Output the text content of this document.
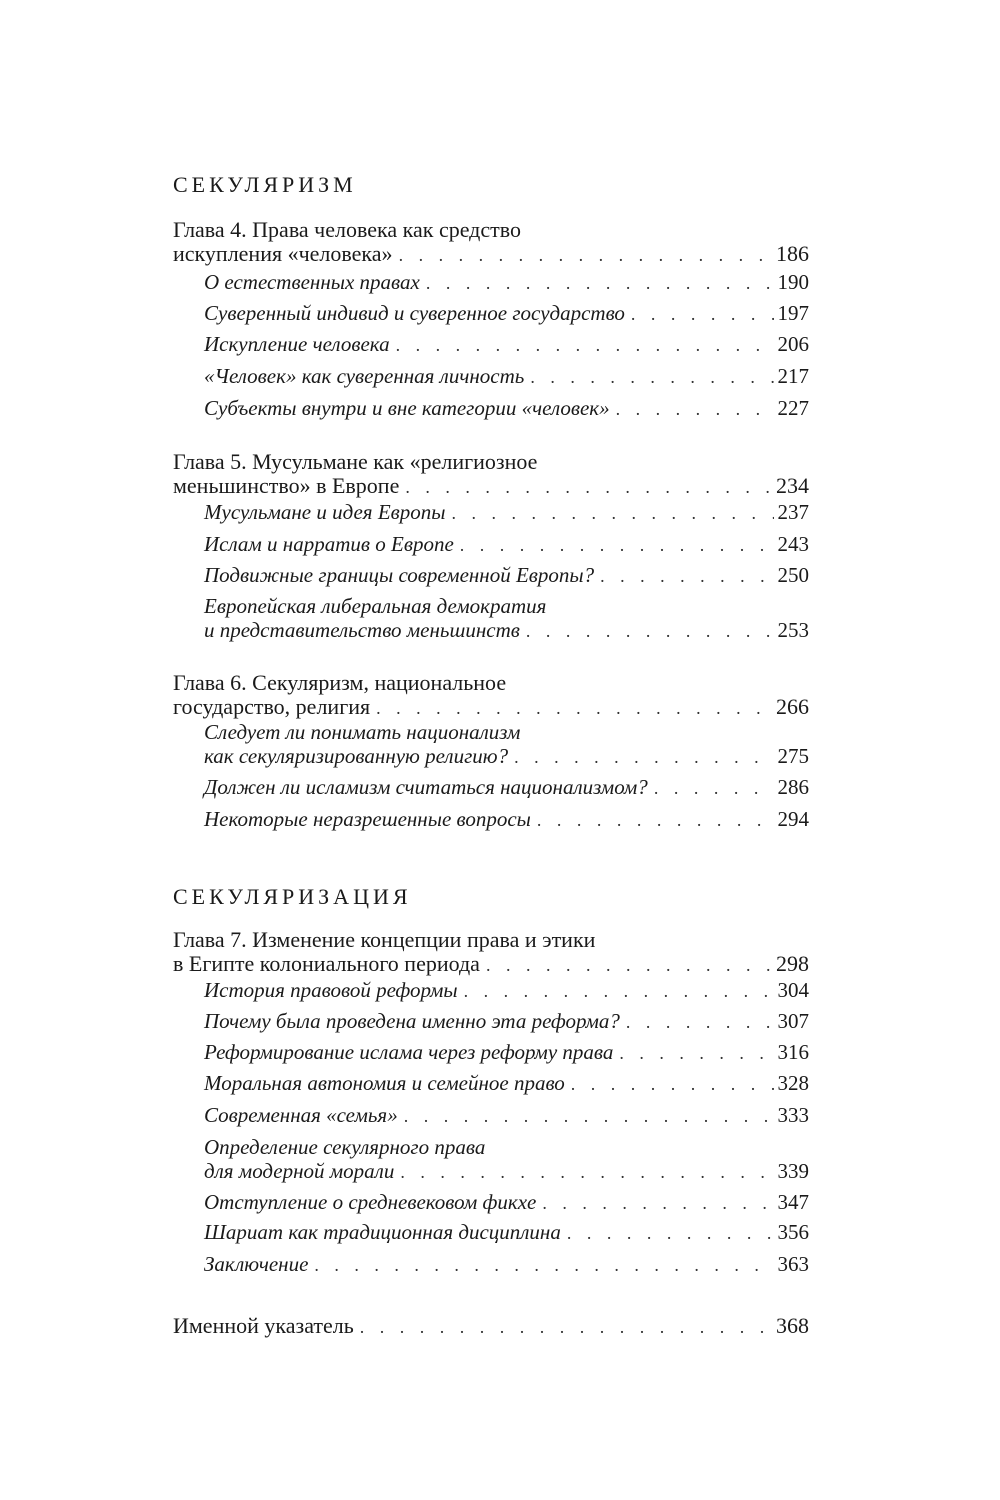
СЕКУЛЯРИЗМ
Глава 4. Права человека как средство
искупления «человека» . . .	186
О естественных правах . . .	190
Суверенный индивид и суверенное государство . . .	197
Искупление человека . . .	206
«Человек» как суверенная личность . . .	217
Субъекты внутри и вне категории «человек» . . .	227
Глава 5. Мусульмане как «религиозное
меньшинство» в Европе . . .	234
Мусульмане и идея Европы . . .	237
Ислам и нарратив о Европе . . .	243
Подвижные границы современной Европы? . . .	250
Европейская либеральная демократия
и представительство меньшинств . . .	253
Глава 6. Секуляризм, национальное
государство, религия . . .	266
Следует ли понимать национализм
как секуляризированную религию? . . .	275
Должен ли исламизм считаться национализмом? . . .	286
Некоторые неразрешенные вопросы . . .	294
СЕКУЛЯРИЗАЦИЯ
Глава 7. Изменение концепции права и этики
в Египте колониального периода . . .	298
История правовой реформы . . .	304
Почему была проведена именно эта реформа? . . .	307
Реформирование ислама через реформу права . . .	316
Моральная автономия и семейное право . . .	328
Современная «семья» . . .	333
Определение секулярного права
для модерной морали . . .	339
Отступление о средневековом фикхе . . .	347
Шариат как традиционная дисциплина . . .	356
Заключение . . .	363
Именной указатель . . .	368
